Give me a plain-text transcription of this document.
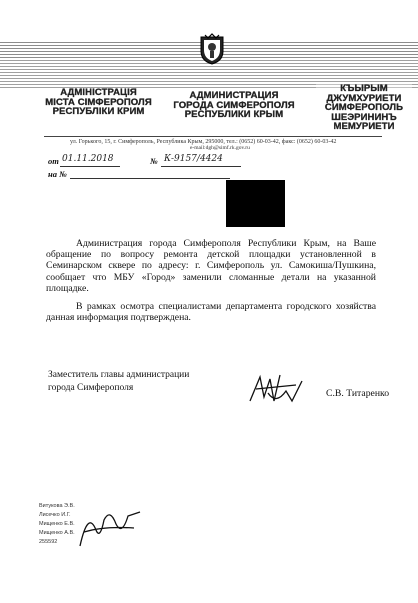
АДМІНІСТРАЦІЯ
МІСТА СІМФЕРОПОЛЯ
РЕСПУБЛІКИ КРИМ
АДМИНИСТРАЦИЯ
ГОРОДА СИМФЕРОПОЛЯ
РЕСПУБЛИКИ КРЫМ
КЪЫРЫМ
ДЖУМХУРИЕТИ
СИМФЕРОПОЛЬ
ШЕЭРИНИНЪ
МЕМУРИЕТИ
ул. Горького, 15, г. Симферополь, Республика Крым, 295000, тел.: (0652) 60-03-42, факс: (0652) 60-03-42
e-mail:dgh@simf.rk.gov.ru
от 01.11.2018	№ К-9157/4424
на №
Администрация города Симферополя Республики Крым, на Ваше обращение по вопросу ремонта детской площадки установленной в Семинарском сквере по адресу: г. Симферополь ул. Самокиша/Пушкина, сообщает что МБУ «Город» заменили сломанные детали на указанной площадке.
В рамках осмотра специалистами департамента городского хозяйства данная информация подтверждена.
Заместитель главы администрации
города Симферополя	С.В. Титаренко
Витукова Э.В.
Лисечко И.Г.
Мищенко Е.В.
Мищенко А.В.
255592
